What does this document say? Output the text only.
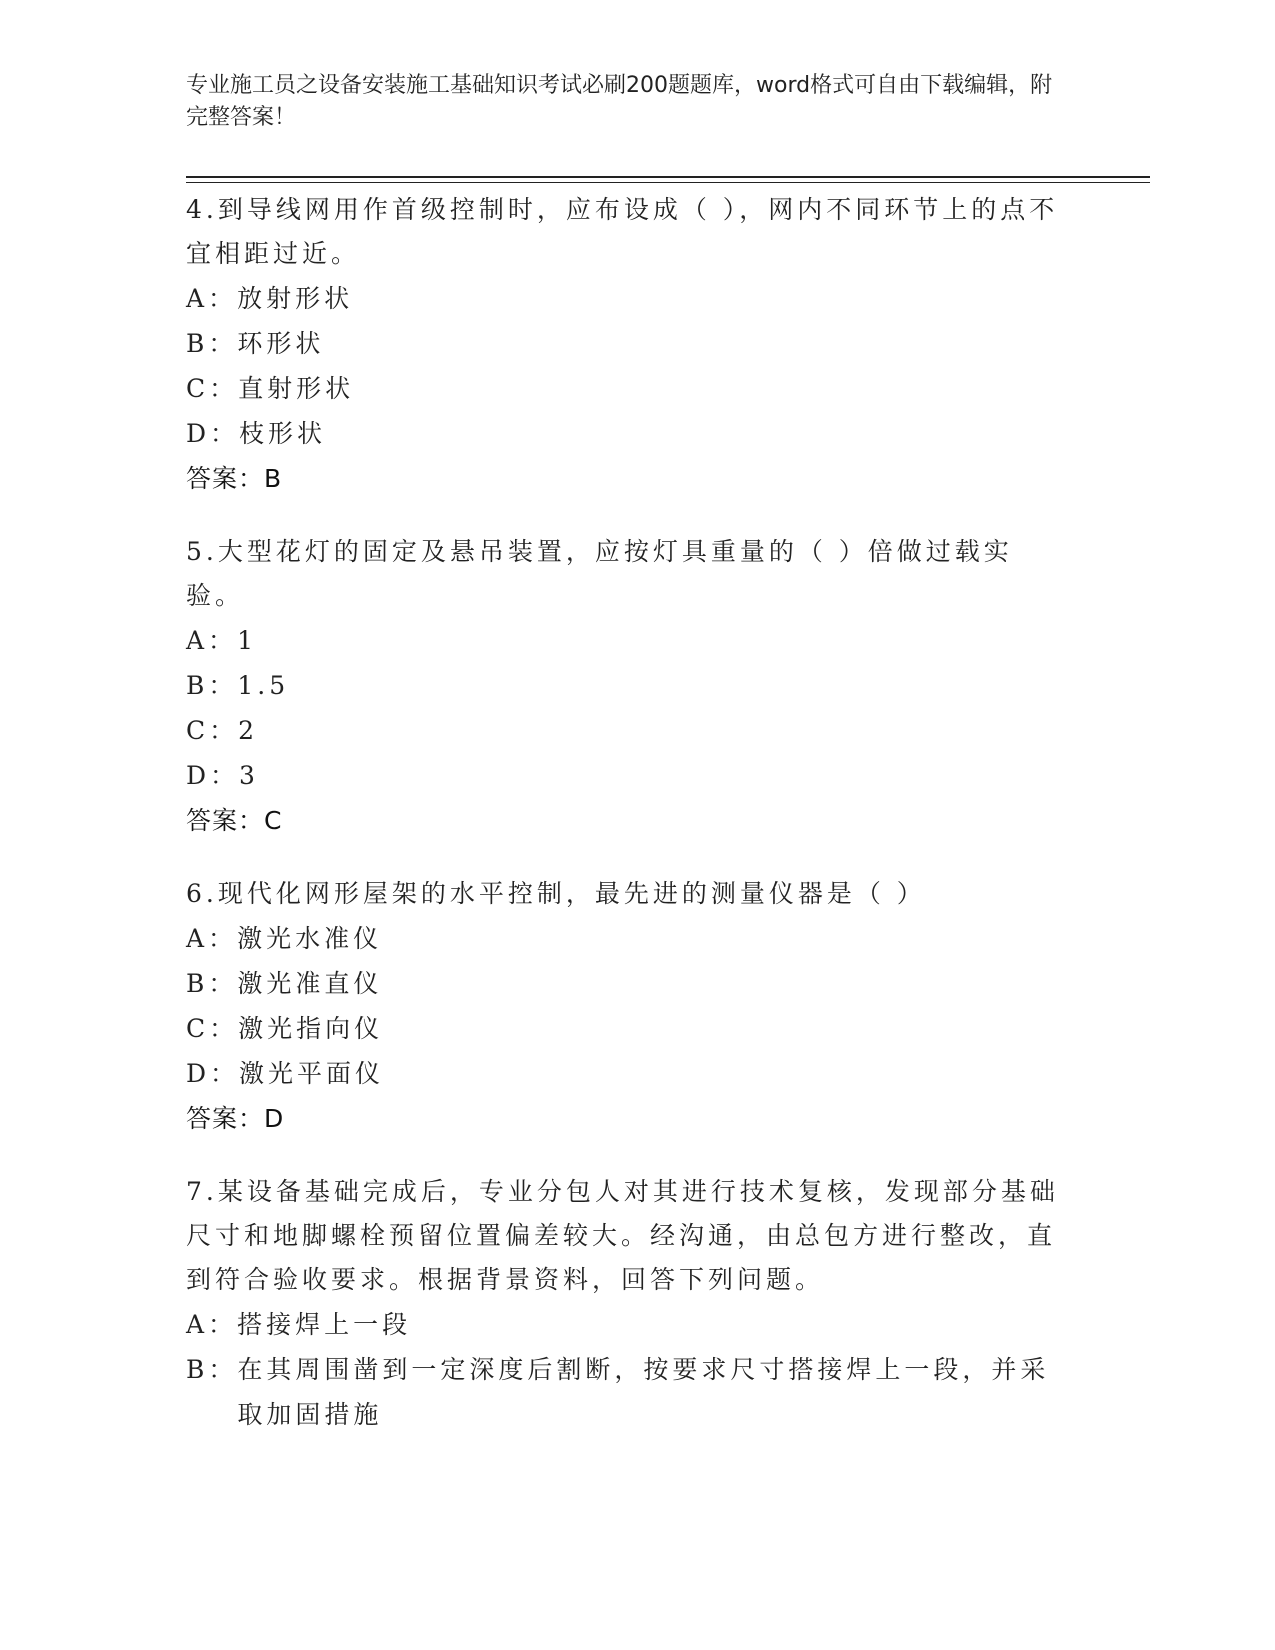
专业施工员之设备安装施工基础知识考试必刷200题题库，word格式可自由下载编辑，附完整答案！
4.到导线网用作首级控制时，应布设成（ ），网内不同环节上的点不宜相距过近。
A： 放射形状
B： 环形状
C： 直射形状
D： 枝形状
答案：B
5.大型花灯的固定及悬吊装置，应按灯具重量的（ ）倍做过载实验。
A： 1
B： 1.5
C： 2
D： 3
答案：C
6.现代化网形屋架的水平控制，最先进的测量仪器是（ ）
A： 激光水准仪
B： 激光准直仪
C： 激光指向仪
D： 激光平面仪
答案：D
7.某设备基础完成后，专业分包人对其进行技术复核，发现部分基础尺寸和地脚螺栓预留位置偏差较大。经沟通，由总包方进行整改，直到符合验收要求。根据背景资料，回答下列问题。
A： 搭接焊上一段
B： 在其周围凿到一定深度后割断，按要求尺寸搭接焊上一段，并采取加固措施
